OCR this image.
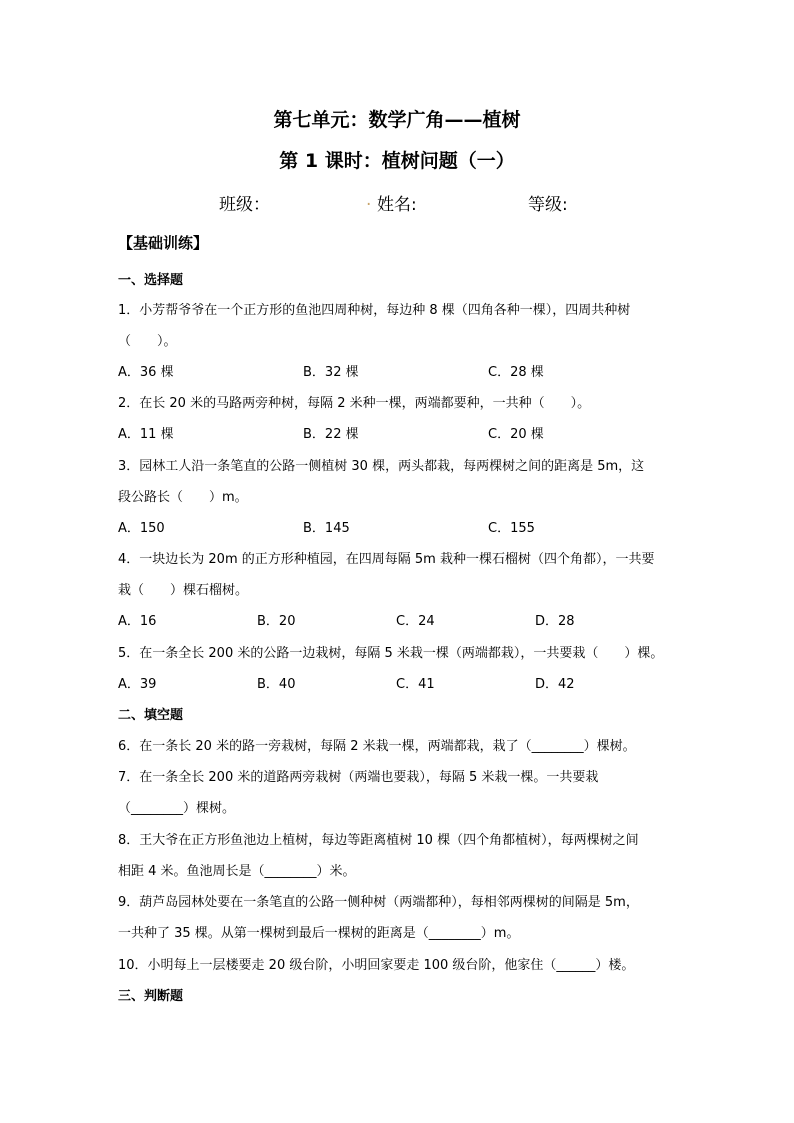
第七单元：数学广角——植树
第 1 课时：植树问题（一）
班级：	. 姓名:	等级:
【基础训练】
一、选择题
1．小芳帮爷爷在一个正方形的鱼池四周种树，每边种 8 棵（四角各种一棵），四周共种树
（　　）。
A．36 棵	B．32 棵	C．28 棵
2．在长 20 米的马路两旁种树，每隔 2 米种一棵，两端都要种，一共种（　　）。
A．11 棵	B．22 棵	C．20 棵
3．园林工人沿一条笔直的公路一侧植树 30 棵，两头都栽，每两棵树之间的距离是 5m，这
段公路长（　　）m。
A．150	B．145	C．155
4．一块边长为 20m 的正方形种植园，在四周每隔 5m 栽种一棵石榴树（四个角都），一共要
栽（　　）棵石榴树。
A．16	B．20	C．24	D．28
5．在一条全长 200 米的公路一边栽树，每隔 5 米栽一棵（两端都栽），一共要栽（　　）棵。
A．39	B．40	C．41	D．42
二、填空题
6．在一条长 20 米的路一旁栽树，每隔 2 米栽一棵，两端都栽，栽了（________）棵树。
7．在一条全长 200 米的道路两旁栽树（两端也要栽），每隔 5 米栽一棵。一共要栽
（________）棵树。
8．王大爷在正方形鱼池边上植树，每边等距离植树 10 棵（四个角都植树），每两棵树之间
相距 4 米。鱼池周长是（________）米。
9．葫芦岛园林处要在一条笔直的公路一侧种树（两端都种），每相邻两棵树的间隔是 5m，
一共种了 35 棵。从第一棵树到最后一棵树的距离是（________）m。
10．小明每上一层楼要走 20 级台阶，小明回家要走 100 级台阶，他家住（______）楼。
三、判断题
